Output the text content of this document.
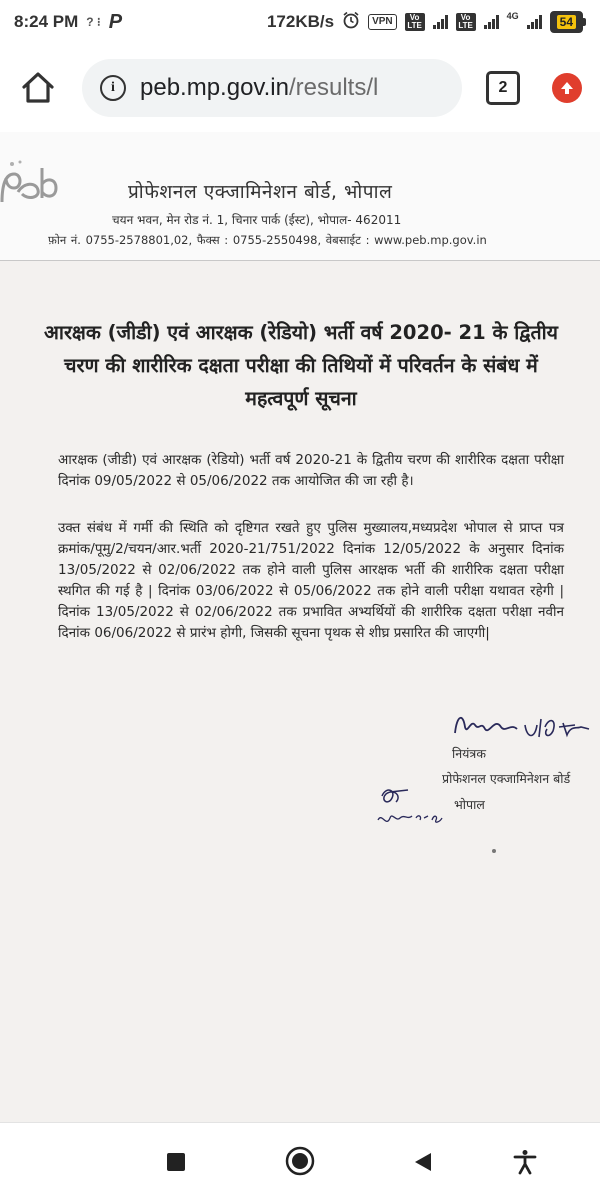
8:24 PM ? ⁝ P	172KB/s	VPN	Vo LTE
Vo LTE
4G	54
i	peb.mp.gov.in/results/l	2
प्रोफेशनल एक्जामिनेशन बोर्ड, भोपाल
चयन भवन, मेन रोड नं. 1, चिनार पार्क (ईस्ट), भोपाल- 462011
फ़ोन नं. 0755-2578801,02, फैक्स : 0755-2550498, वेबसाईट : www.peb.mp.gov.in
आरक्षक (जीडी) एवं आरक्षक (रेडियो) भर्ती वर्ष 2020- 21 के द्वितीय चरण की शारीरिक दक्षता परीक्षा की तिथियों में परिवर्तन के संबंध में महत्वपूर्ण सूचना
आरक्षक (जीडी) एवं आरक्षक (रेडियो) भर्ती वर्ष 2020-21 के द्वितीय चरण की शारीरिक दक्षता परीक्षा दिनांक 09/05/2022 से 05/06/2022 तक आयोजित की जा रही है।
उक्त संबंध में गर्मी की स्थिति को दृष्टिगत रखते हुए पुलिस मुख्यालय,मध्यप्रदेश भोपाल से प्राप्त पत्र क्रमांक/पूमु/2/चयन/आर.भर्ती 2020-21/751/2022 दिनांक 12/05/2022 के अनुसार दिनांक 13/05/2022 से 02/06/2022 तक होने वाली पुलिस आरक्षक भर्ती की शारीरिक दक्षता परीक्षा स्थगित की गई है | दिनांक 03/06/2022 से 05/06/2022 तक होने वाली परीक्षा यथावत रहेगी | दिनांक 13/05/2022 से 02/06/2022 तक प्रभावित अभ्यर्थियों की शारीरिक दक्षता परीक्षा नवीन दिनांक 06/06/2022 से प्रारंभ होगी, जिसकी सूचना पृथक से शीघ्र प्रसारित की जाएगी|
नियंत्रक
प्रोफेशनल एक्जामिनेशन बोर्ड
भोपाल
